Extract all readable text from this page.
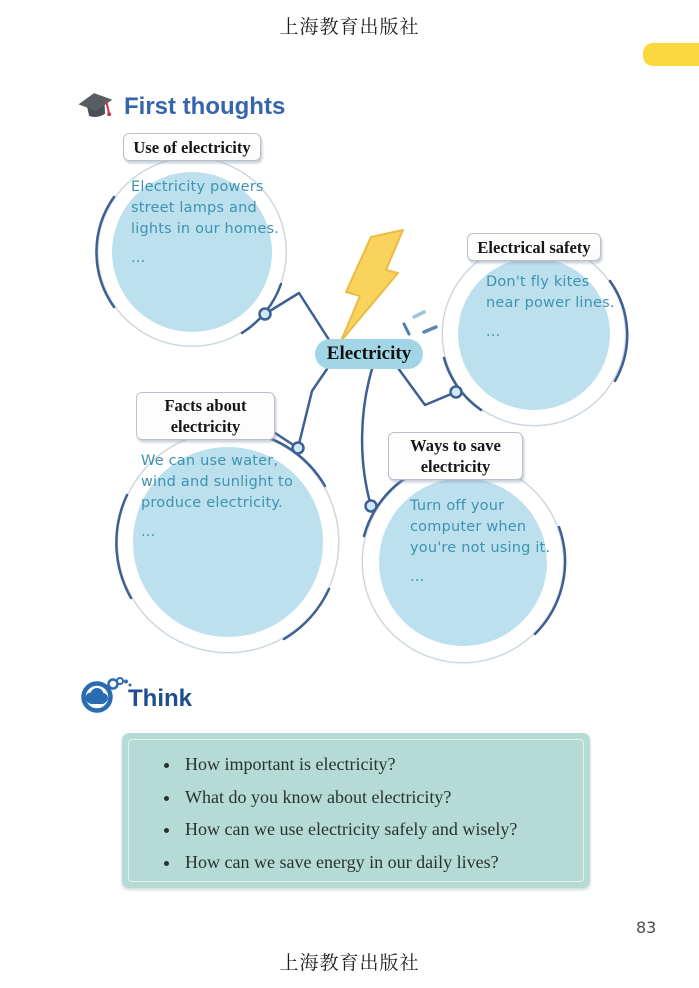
上海教育出版社
First thoughts
Use of electricity
Electrical safety
Facts about
electricity
Ways to save
electricity
Electricity powers
street lamps and
lights in our homes.
...
Don't fly kites
near power lines.
...
We can use water,
wind and sunlight to
produce electricity.
...
Turn off your
computer when
you're not using it.
...
Electricity
Think
• How important is electricity?
• What do you know about electricity?
• How can we use electricity safely and wisely?
• How can we save energy in our daily lives?
83
上海教育出版社
